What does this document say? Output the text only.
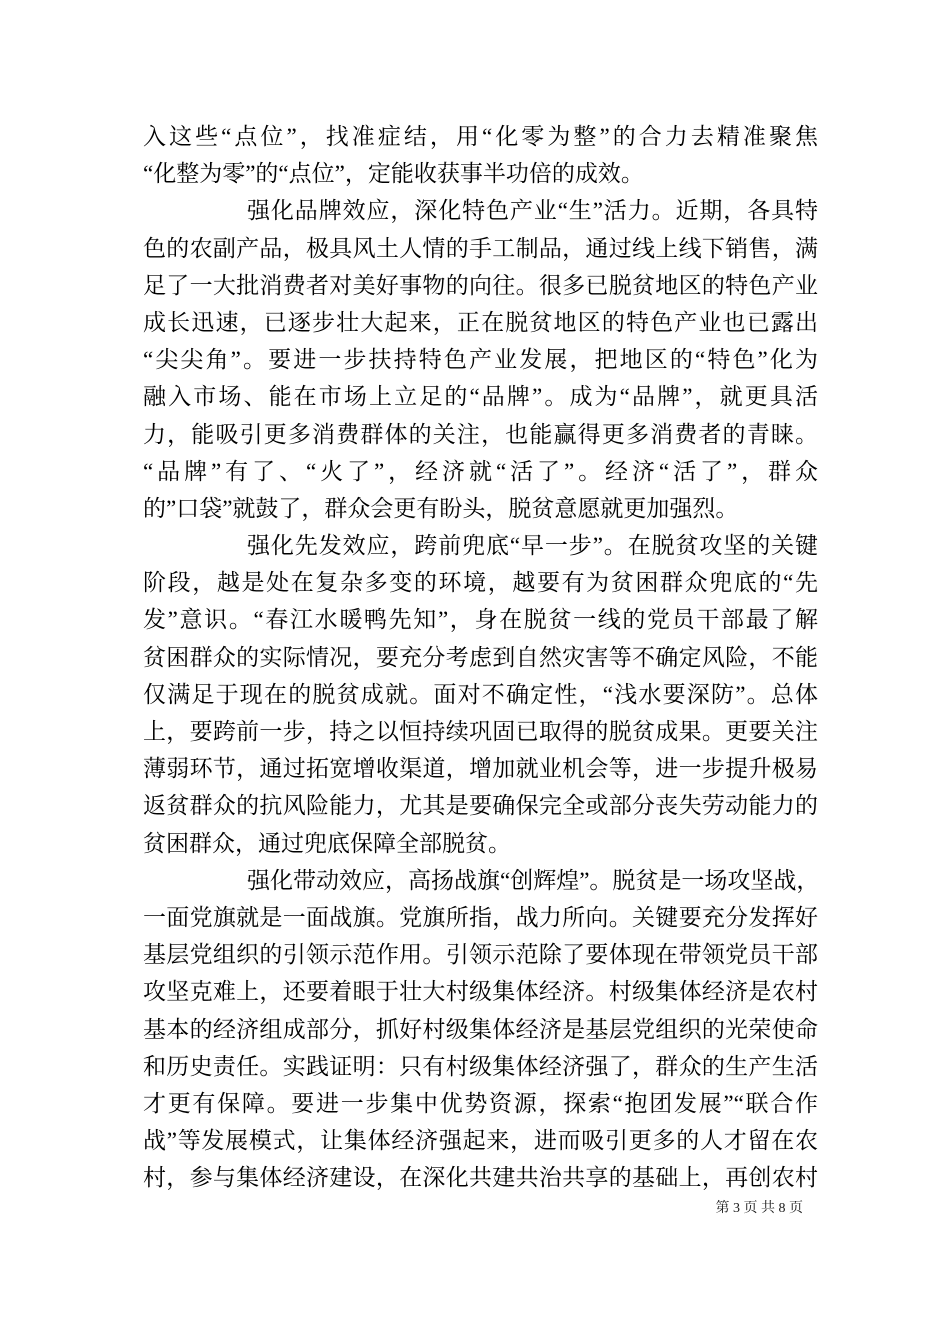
入这些“点位”，找准症结，用“化零为整”的合力去精准聚焦
“化整为零”的“点位”，定能收获事半功倍的成效。
强化品牌效应，深化特色产业“生”活力。近期，各具特
色的农副产品，极具风土人情的手工制品，通过线上线下销售，满
足了一大批消费者对美好事物的向往。很多已脱贫地区的特色产业
成长迅速，已逐步壮大起来，正在脱贫地区的特色产业也已露出
“尖尖角”。要进一步扶持特色产业发展，把地区的“特色”化为
融入市场、能在市场上立足的“品牌”。成为“品牌”，就更具活
力，能吸引更多消费群体的关注，也能赢得更多消费者的青睐。
“品牌”有了、“火了”，经济就“活了”。经济“活了”，群众
的”口袋”就鼓了，群众会更有盼头，脱贫意愿就更加强烈。
强化先发效应，跨前兜底“早一步”。在脱贫攻坚的关键
阶段，越是处在复杂多变的环境，越要有为贫困群众兜底的“先
发”意识。“春江水暖鸭先知”，身在脱贫一线的党员干部最了解
贫困群众的实际情况，要充分考虑到自然灾害等不确定风险，不能
仅满足于现在的脱贫成就。面对不确定性，“浅水要深防”。总体
上，要跨前一步，持之以恒持续巩固已取得的脱贫成果。更要关注
薄弱环节，通过拓宽增收渠道，增加就业机会等，进一步提升极易
返贫群众的抗风险能力，尤其是要确保完全或部分丧失劳动能力的
贫困群众，通过兜底保障全部脱贫。
强化带动效应，高扬战旗“创辉煌”。脱贫是一场攻坚战，
一面党旗就是一面战旗。党旗所指，战力所向。关键要充分发挥好
基层党组织的引领示范作用。引领示范除了要体现在带领党员干部
攻坚克难上，还要着眼于壮大村级集体经济。村级集体经济是农村
基本的经济组成部分，抓好村级集体经济是基层党组织的光荣使命
和历史责任。实践证明：只有村级集体经济强了，群众的生产生活
才更有保障。要进一步集中优势资源，探索“抱团发展”“联合作
战”等发展模式，让集体经济强起来，进而吸引更多的人才留在农
村，参与集体经济建设，在深化共建共治共享的基础上，再创农村
第 3 页 共 8 页
